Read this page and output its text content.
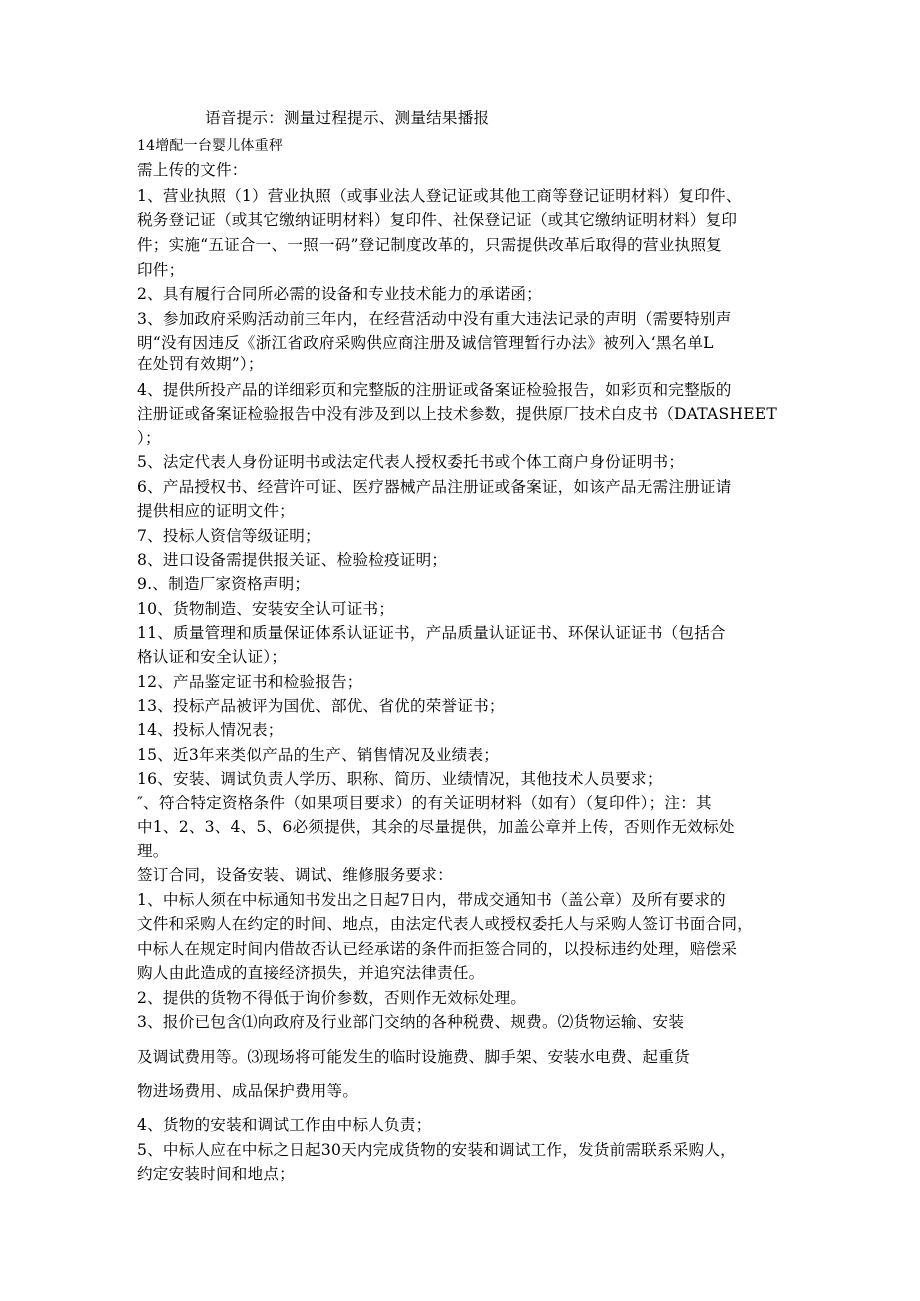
语音提示：测量过程提示、测量结果播报
14增配一台婴儿体重秤
需上传的文件：
1、营业执照（1）营业执照（或事业法人登记证或其他工商等登记证明材料）复印件、
税务登记证（或其它缴纳证明材料）复印件、社保登记证（或其它缴纳证明材料）复印
件；实施“五证合一、一照一码”登记制度改革的，只需提供改革后取得的营业执照复
印件；
2、具有履行合同所必需的设备和专业技术能力的承诺函；
3、参加政府采购活动前三年内，在经营活动中没有重大违法记录的声明（需要特别声
明“没有因违反《浙江省政府采购供应商注册及诚信管理暂行办法》被列入‘黑名单L
在处罚有效期”）；
4、提供所投产品的详细彩页和完整版的注册证或备案证检验报告，如彩页和完整版的
注册证或备案证检验报告中没有涉及到以上技术参数，提供原厂技术白皮书（DATASHEET
）；
5、法定代表人身份证明书或法定代表人授权委托书或个体工商户身份证明书；
6、产品授权书、经营许可证、医疗器械产品注册证或备案证，如该产品无需注册证请
提供相应的证明文件；
7、投标人资信等级证明；
8、进口设备需提供报关证、检验检疫证明；
9.、制造厂家资格声明；
10、货物制造、安装安全认可证书；
11、质量管理和质量保证体系认证证书，产品质量认证证书、环保认证证书（包括合
格认证和安全认证）；
12、产品鉴定证书和检验报告；
13、投标产品被评为国优、部优、省优的荣誉证书；
14、投标人情况表；
15、近3年来类似产品的生产、销售情况及业绩表；
16、安装、调试负责人学历、职称、简历、业绩情况，其他技术人员要求；
″、符合特定资格条件（如果项目要求）的有关证明材料（如有）（复印件）；注：其
中1、2、3、4、5、6必须提供，其余的尽量提供，加盖公章并上传，否则作无效标处
理。
签订合同，设备安装、调试、维修服务要求：
1、中标人须在中标通知书发出之日起7日内，带成交通知书（盖公章）及所有要求的
文件和采购人在约定的时间、地点，由法定代表人或授权委托人与采购人签订书面合同，
中标人在规定时间内借故否认已经承诺的条件而拒签合同的，以投标违约处理，赔偿采
购人由此造成的直接经济损失，并追究法律责任。
2、提供的货物不得低于询价参数，否则作无效标处理。
3、报价已包含⑴向政府及行业部门交纳的各种税费、规费。⑵货物运输、安装
及调试费用等。⑶现场将可能发生的临时设施费、脚手架、安装水电费、起重货
物进场费用、成品保护费用等。
4、货物的安装和调试工作由中标人负责；
5、中标人应在中标之日起30天内完成货物的安装和调试工作，发货前需联系采购人，
约定安装时间和地点；
